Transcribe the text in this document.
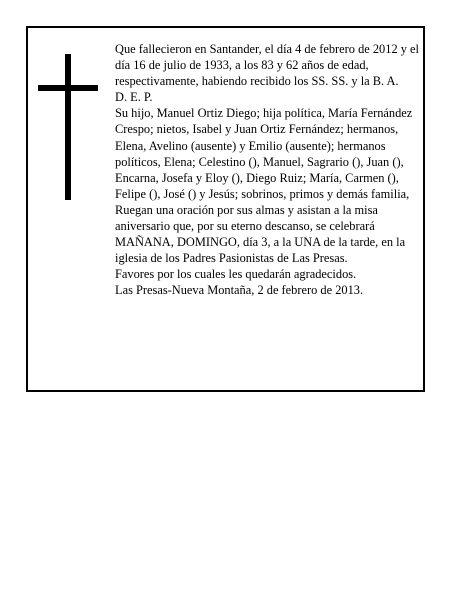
Que fallecieron en Santander, el día 4 de febrero de 2012 y el día 16 de julio de 1933, a los 83 y 62 años de edad, respectivamente, habiendo recibido los SS. SS. y la B. A.

D. E. P.

Su hijo, Manuel Ortiz Diego; hija política, María Fernández Crespo; nietos, Isabel y Juan Ortiz Fernández; hermanos, Elena, Avelino (ausente) y Emilio (ausente); hermanos políticos, Elena; Celestino (), Manuel, Sagrario (), Juan (), Encarna, Josefa y Eloy (), Diego Ruiz; María, Carmen (), Felipe (), José () y Jesús; sobrinos, primos y demás familia,

Ruegan una oración por sus almas y asistan a la misa aniversario que, por su eterno descanso, se celebrará MAÑANA, DOMINGO, día 3, a la UNA de la tarde, en la iglesia de los Padres Pasionistas de Las Presas.

Favores por los cuales les quedarán agradecidos.

Las Presas-Nueva Montaña, 2 de febrero de 2013.
